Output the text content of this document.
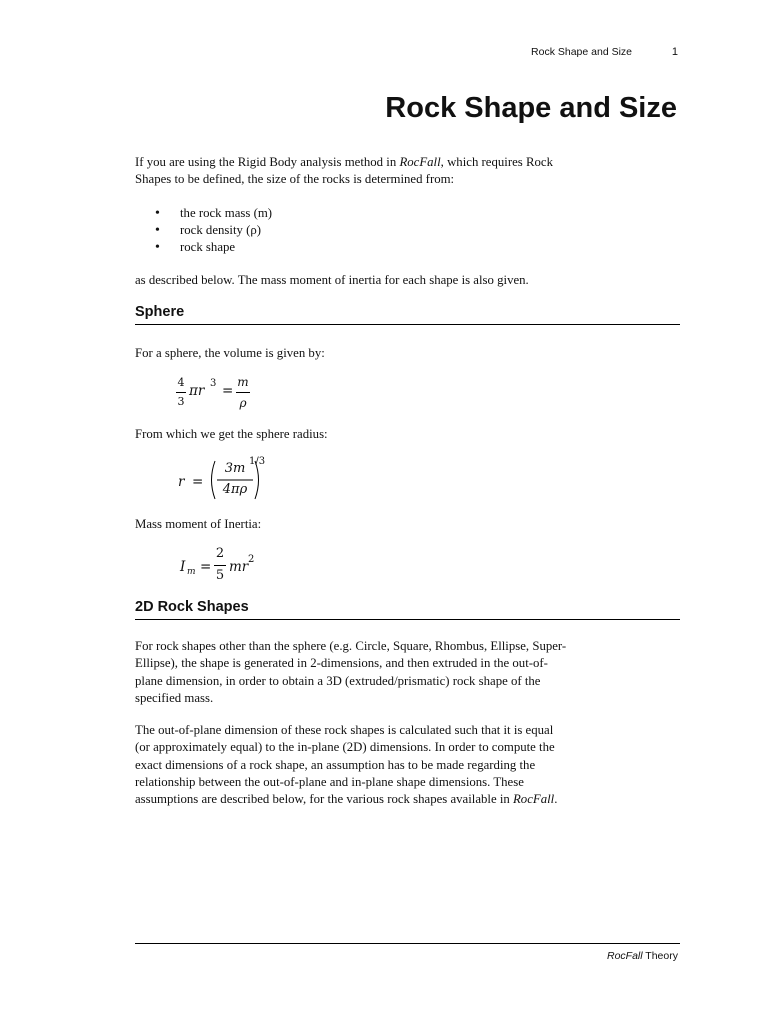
Rock Shape and Size	1
Rock Shape and Size
If you are using the Rigid Body analysis method in RocFall, which requires Rock
Shapes to be defined, the size of the rocks is determined from:
• the rock mass (m)
• rock density (ρ)
• rock shape
as described below. The mass moment of inertia for each shape is also given.
Sphere
For a sphere, the volume is given by:
4
3
πr 3 =
m
ρ
From which we get the sphere radius:
r =
3m
4πρ
1/3
Mass moment of Inertia:
I m =
2
5
mr 2
2D Rock Shapes
For rock shapes other than the sphere (e.g. Circle, Square, Rhombus, Ellipse, Super-
Ellipse), the shape is generated in 2-dimensions, and then extruded in the out-of-
plane dimension, in order to obtain a 3D (extruded/prismatic) rock shape of the
specified mass.
The out-of-plane dimension of these rock shapes is calculated such that it is equal
(or approximately equal) to the in-plane (2D) dimensions. In order to compute the
exact dimensions of a rock shape, an assumption has to be made regarding the
relationship between the out-of-plane and in-plane shape dimensions. These
assumptions are described below, for the various rock shapes available in RocFall.
RocFall Theory
